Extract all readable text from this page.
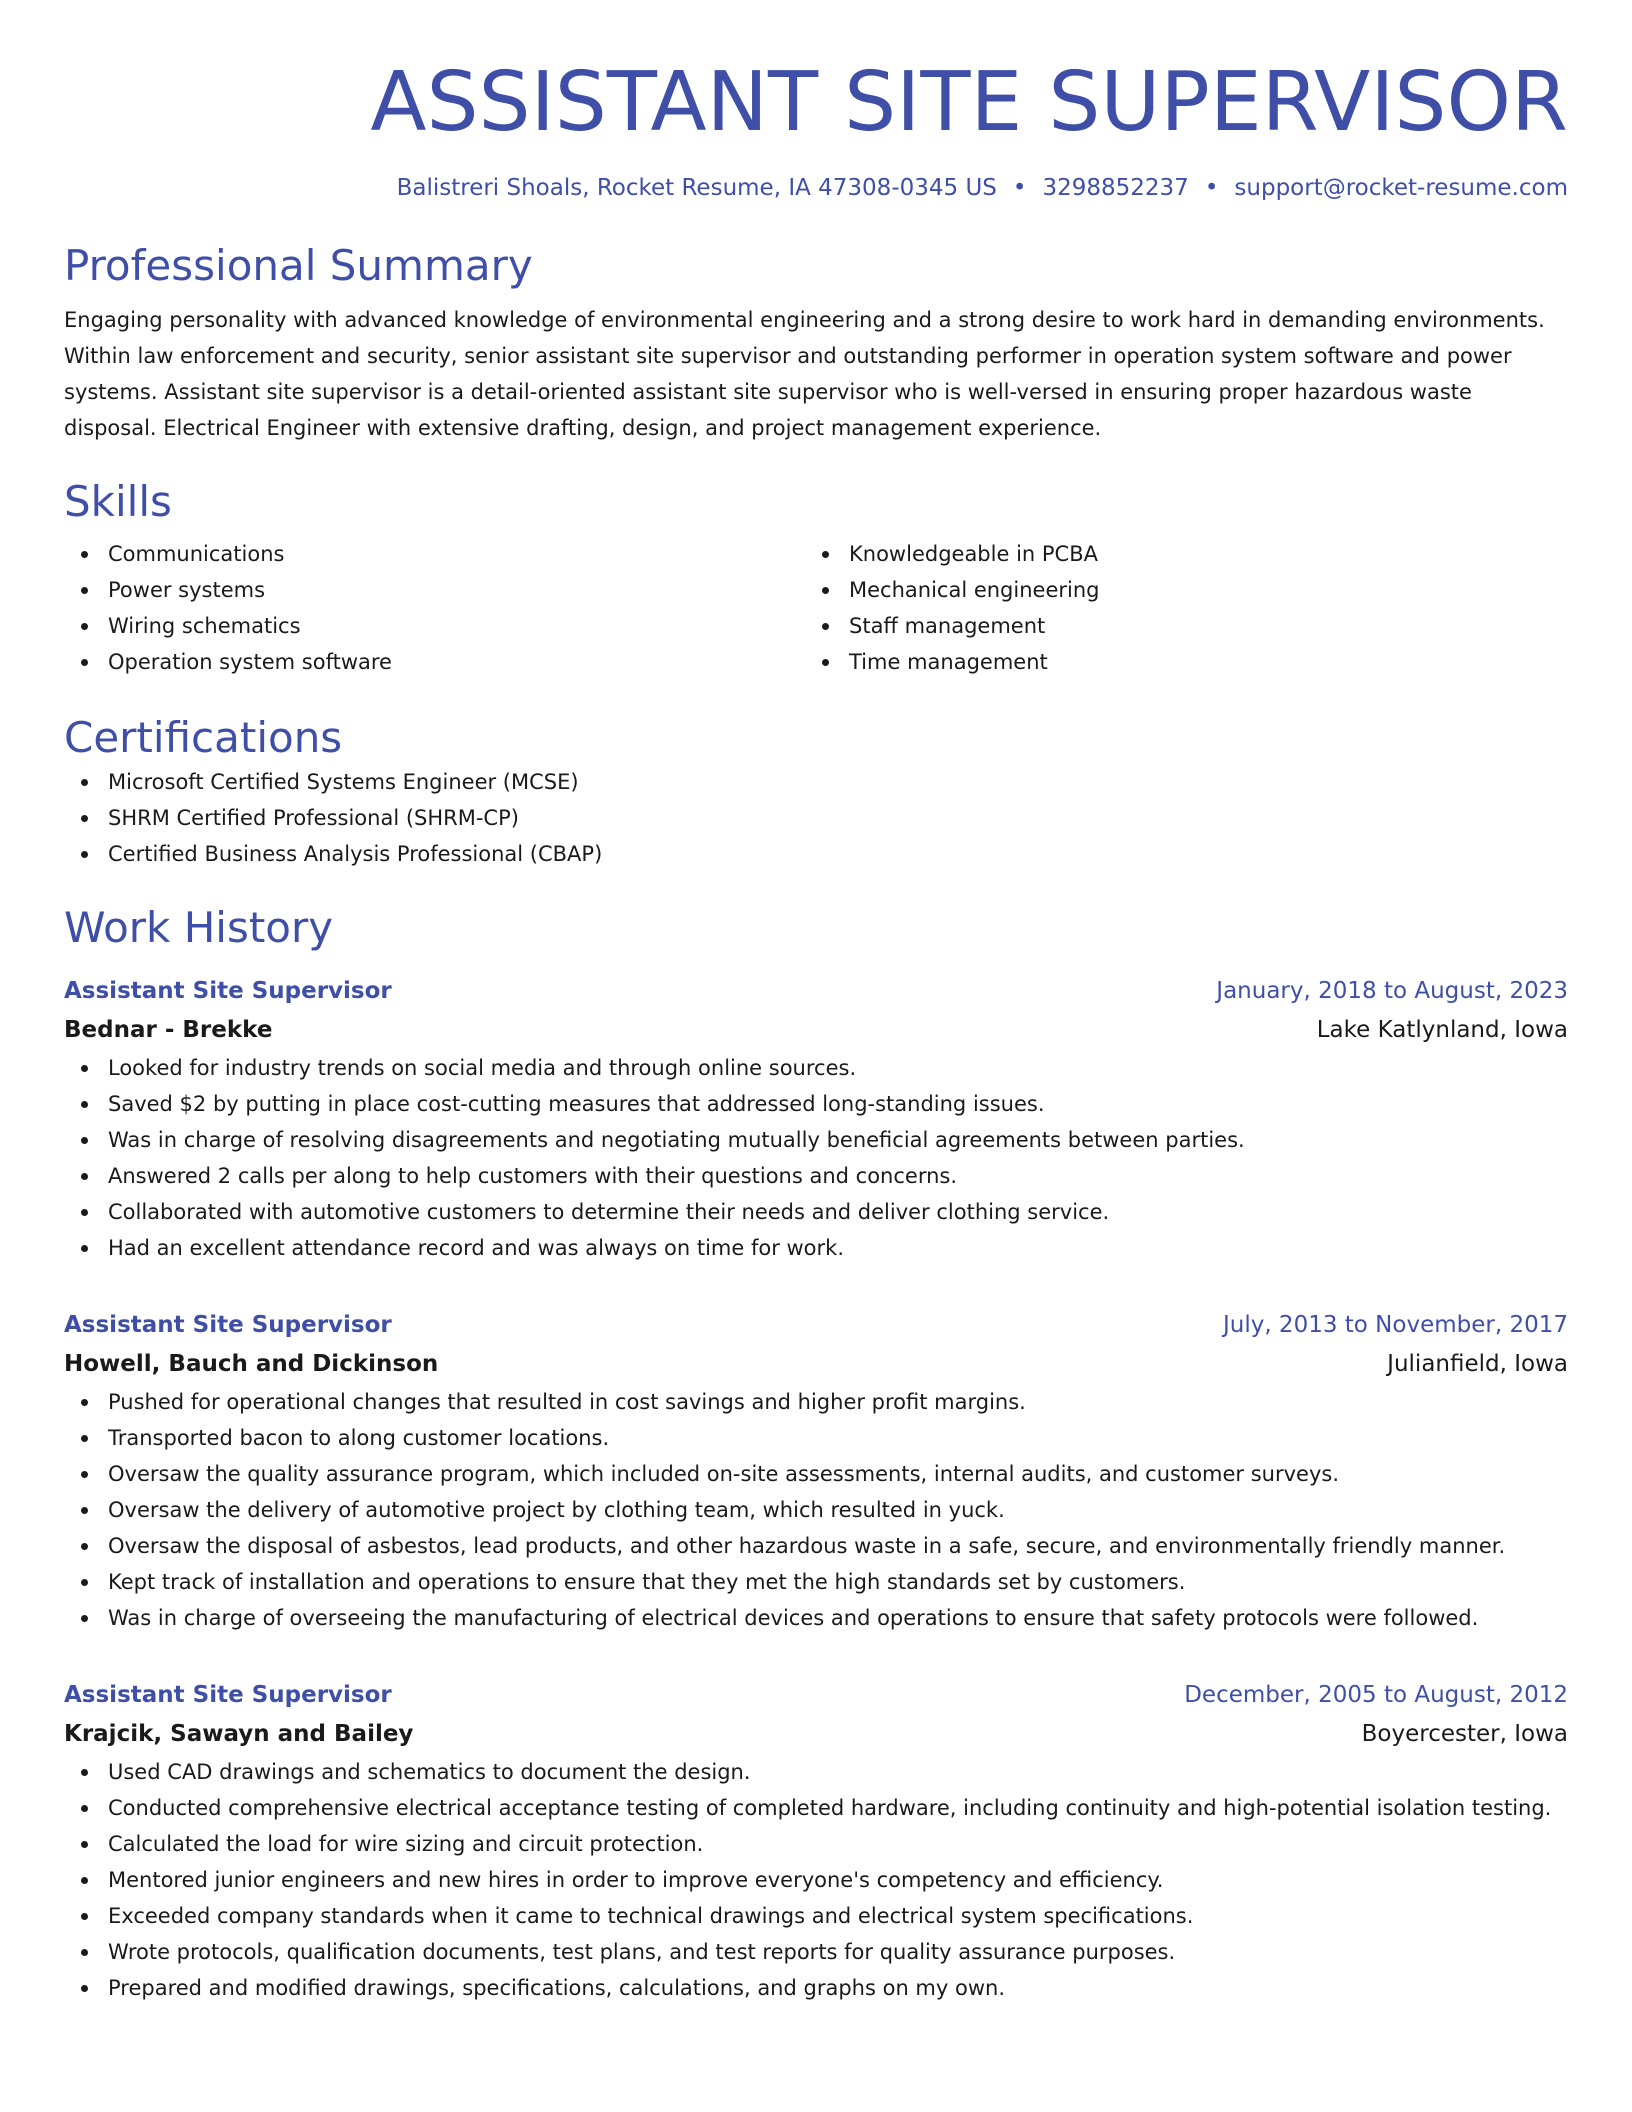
ASSISTANT SITE SUPERVISOR
Balistreri Shoals, Rocket Resume, IA 47308-0345 US • 3298852237 • support@rocket-resume.com
Professional Summary
Engaging personality with advanced knowledge of environmental engineering and a strong desire to work hard in demanding environments. Within law enforcement and security, senior assistant site supervisor and outstanding performer in operation system software and power systems. Assistant site supervisor is a detail-oriented assistant site supervisor who is well-versed in ensuring proper hazardous waste disposal. Electrical Engineer with extensive drafting, design, and project management experience.
Skills
Communications
Power systems
Wiring schematics
Operation system software
Knowledgeable in PCBA
Mechanical engineering
Staff management
Time management
Certifications
Microsoft Certified Systems Engineer (MCSE)
SHRM Certified Professional (SHRM-CP)
Certified Business Analysis Professional (CBAP)
Work History
Assistant Site Supervisor	January, 2018 to August, 2023
Bednar - Brekke	Lake Katlynland, Iowa
Looked for industry trends on social media and through online sources.
Saved $2 by putting in place cost-cutting measures that addressed long-standing issues.
Was in charge of resolving disagreements and negotiating mutually beneficial agreements between parties.
Answered 2 calls per along to help customers with their questions and concerns.
Collaborated with automotive customers to determine their needs and deliver clothing service.
Had an excellent attendance record and was always on time for work.
Assistant Site Supervisor	July, 2013 to November, 2017
Howell, Bauch and Dickinson	Julianfield, Iowa
Pushed for operational changes that resulted in cost savings and higher profit margins.
Transported bacon to along customer locations.
Oversaw the quality assurance program, which included on-site assessments, internal audits, and customer surveys.
Oversaw the delivery of automotive project by clothing team, which resulted in yuck.
Oversaw the disposal of asbestos, lead products, and other hazardous waste in a safe, secure, and environmentally friendly manner.
Kept track of installation and operations to ensure that they met the high standards set by customers.
Was in charge of overseeing the manufacturing of electrical devices and operations to ensure that safety protocols were followed.
Assistant Site Supervisor	December, 2005 to August, 2012
Krajcik, Sawayn and Bailey	Boyercester, Iowa
Used CAD drawings and schematics to document the design.
Conducted comprehensive electrical acceptance testing of completed hardware, including continuity and high-potential isolation testing.
Calculated the load for wire sizing and circuit protection.
Mentored junior engineers and new hires in order to improve everyone's competency and efficiency.
Exceeded company standards when it came to technical drawings and electrical system specifications.
Wrote protocols, qualification documents, test plans, and test reports for quality assurance purposes.
Prepared and modified drawings, specifications, calculations, and graphs on my own.
